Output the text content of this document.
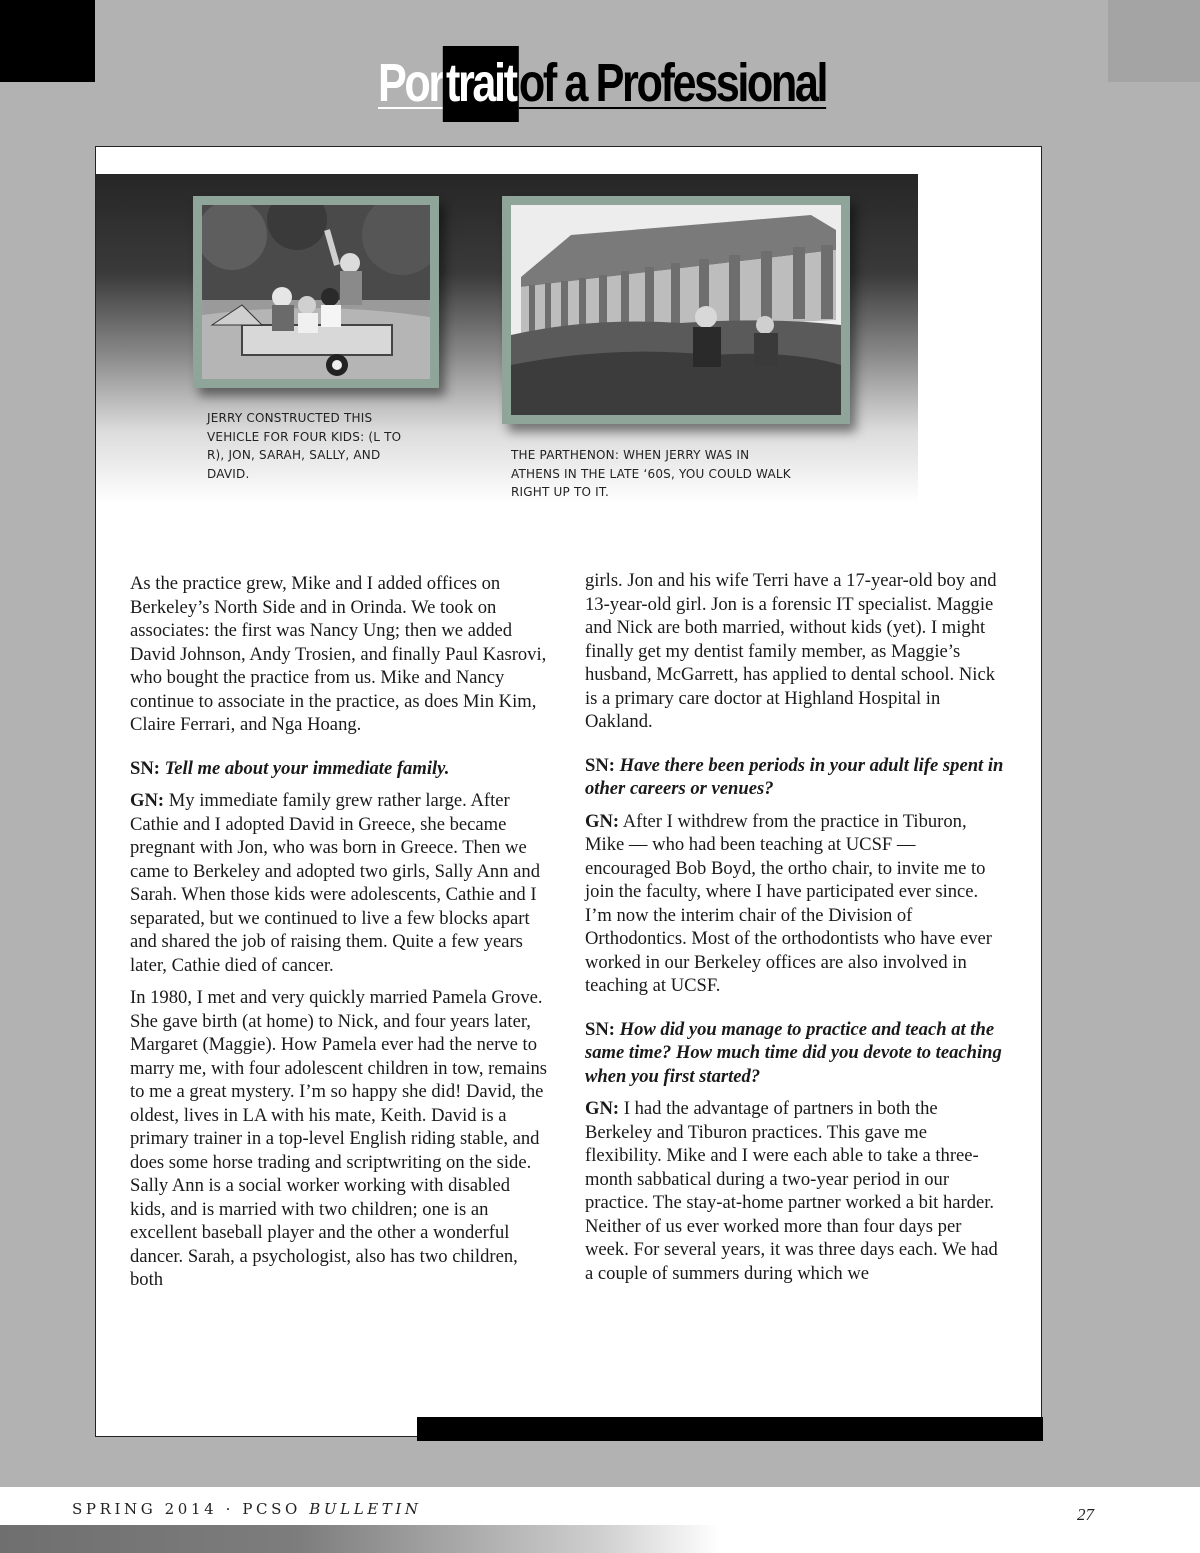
Portraitof a Professional
JERRY CONSTRUCTED THIS VEHICLE FOR FOUR KIDS: (L TO R), JON, SARAH, SALLY, AND DAVID.
THE PARTHENON: WHEN JERRY WAS IN ATHENS IN THE LATE ‘60S, YOU COULD WALK RIGHT UP TO IT.

As the practice grew, Mike and I added offices on Berkeley’s North Side and in Orinda. We took on associates: the first was Nancy Ung; then we added David Johnson, Andy Trosien, and finally Paul Kasrovi, who bought the practice from us. Mike and Nancy continue to associate in the practice, as does Min Kim, Claire Ferrari, and Nga Hoang.

SN: Tell me about your immediate family.

GN: My immediate family grew rather large. After Cathie and I adopted David in Greece, she became pregnant with Jon, who was born in Greece. Then we came to Berkeley and adopted two girls, Sally Ann and Sarah. When those kids were adolescents, Cathie and I separated, but we continued to live a few blocks apart and shared the job of raising them. Quite a few years later, Cathie died of cancer.

In 1980, I met and very quickly married Pamela Grove. She gave birth (at home) to Nick, and four years later, Margaret (Maggie). How Pamela ever had the nerve to marry me, with four adolescent children in tow, remains to me a great mystery. I’m so happy she did! David, the oldest, lives in LA with his mate, Keith. David is a primary trainer in a top-level English riding stable, and does some horse trading and scriptwriting on the side. Sally Ann is a social worker working with disabled kids, and is married with two children; one is an excellent baseball player and the other a wonderful dancer. Sarah, a psychologist, also has two children, both

girls. Jon and his wife Terri have a 17-year-old boy and 13-year-old girl. Jon is a forensic IT specialist. Maggie and Nick are both married, without kids (yet). I might finally get my dentist family member, as Maggie’s husband, McGarrett, has applied to dental school. Nick is a primary care doctor at Highland Hospital in Oakland.

SN: Have there been periods in your adult life spent in other careers or venues?

GN: After I withdrew from the practice in Tiburon, Mike — who had been teaching at UCSF — encouraged Bob Boyd, the ortho chair, to invite me to join the faculty, where I have participated ever since. I’m now the interim chair of the Division of Orthodontics. Most of the orthodontists who have ever worked in our Berkeley offices are also involved in teaching at UCSF.

SN: How did you manage to practice and teach at the same time? How much time did you devote to teaching when you first started?

GN: I had the advantage of partners in both the Berkeley and Tiburon practices. This gave me flexibility. Mike and I were each able to take a three-month sabbatical during a two-year period in our practice. The stay-at-home partner worked a bit harder. Neither of us ever worked more than four days per week. For several years, it was three days each. We had a couple of summers during which we

SPRING 2014 · PCSO BULLETIN	27
